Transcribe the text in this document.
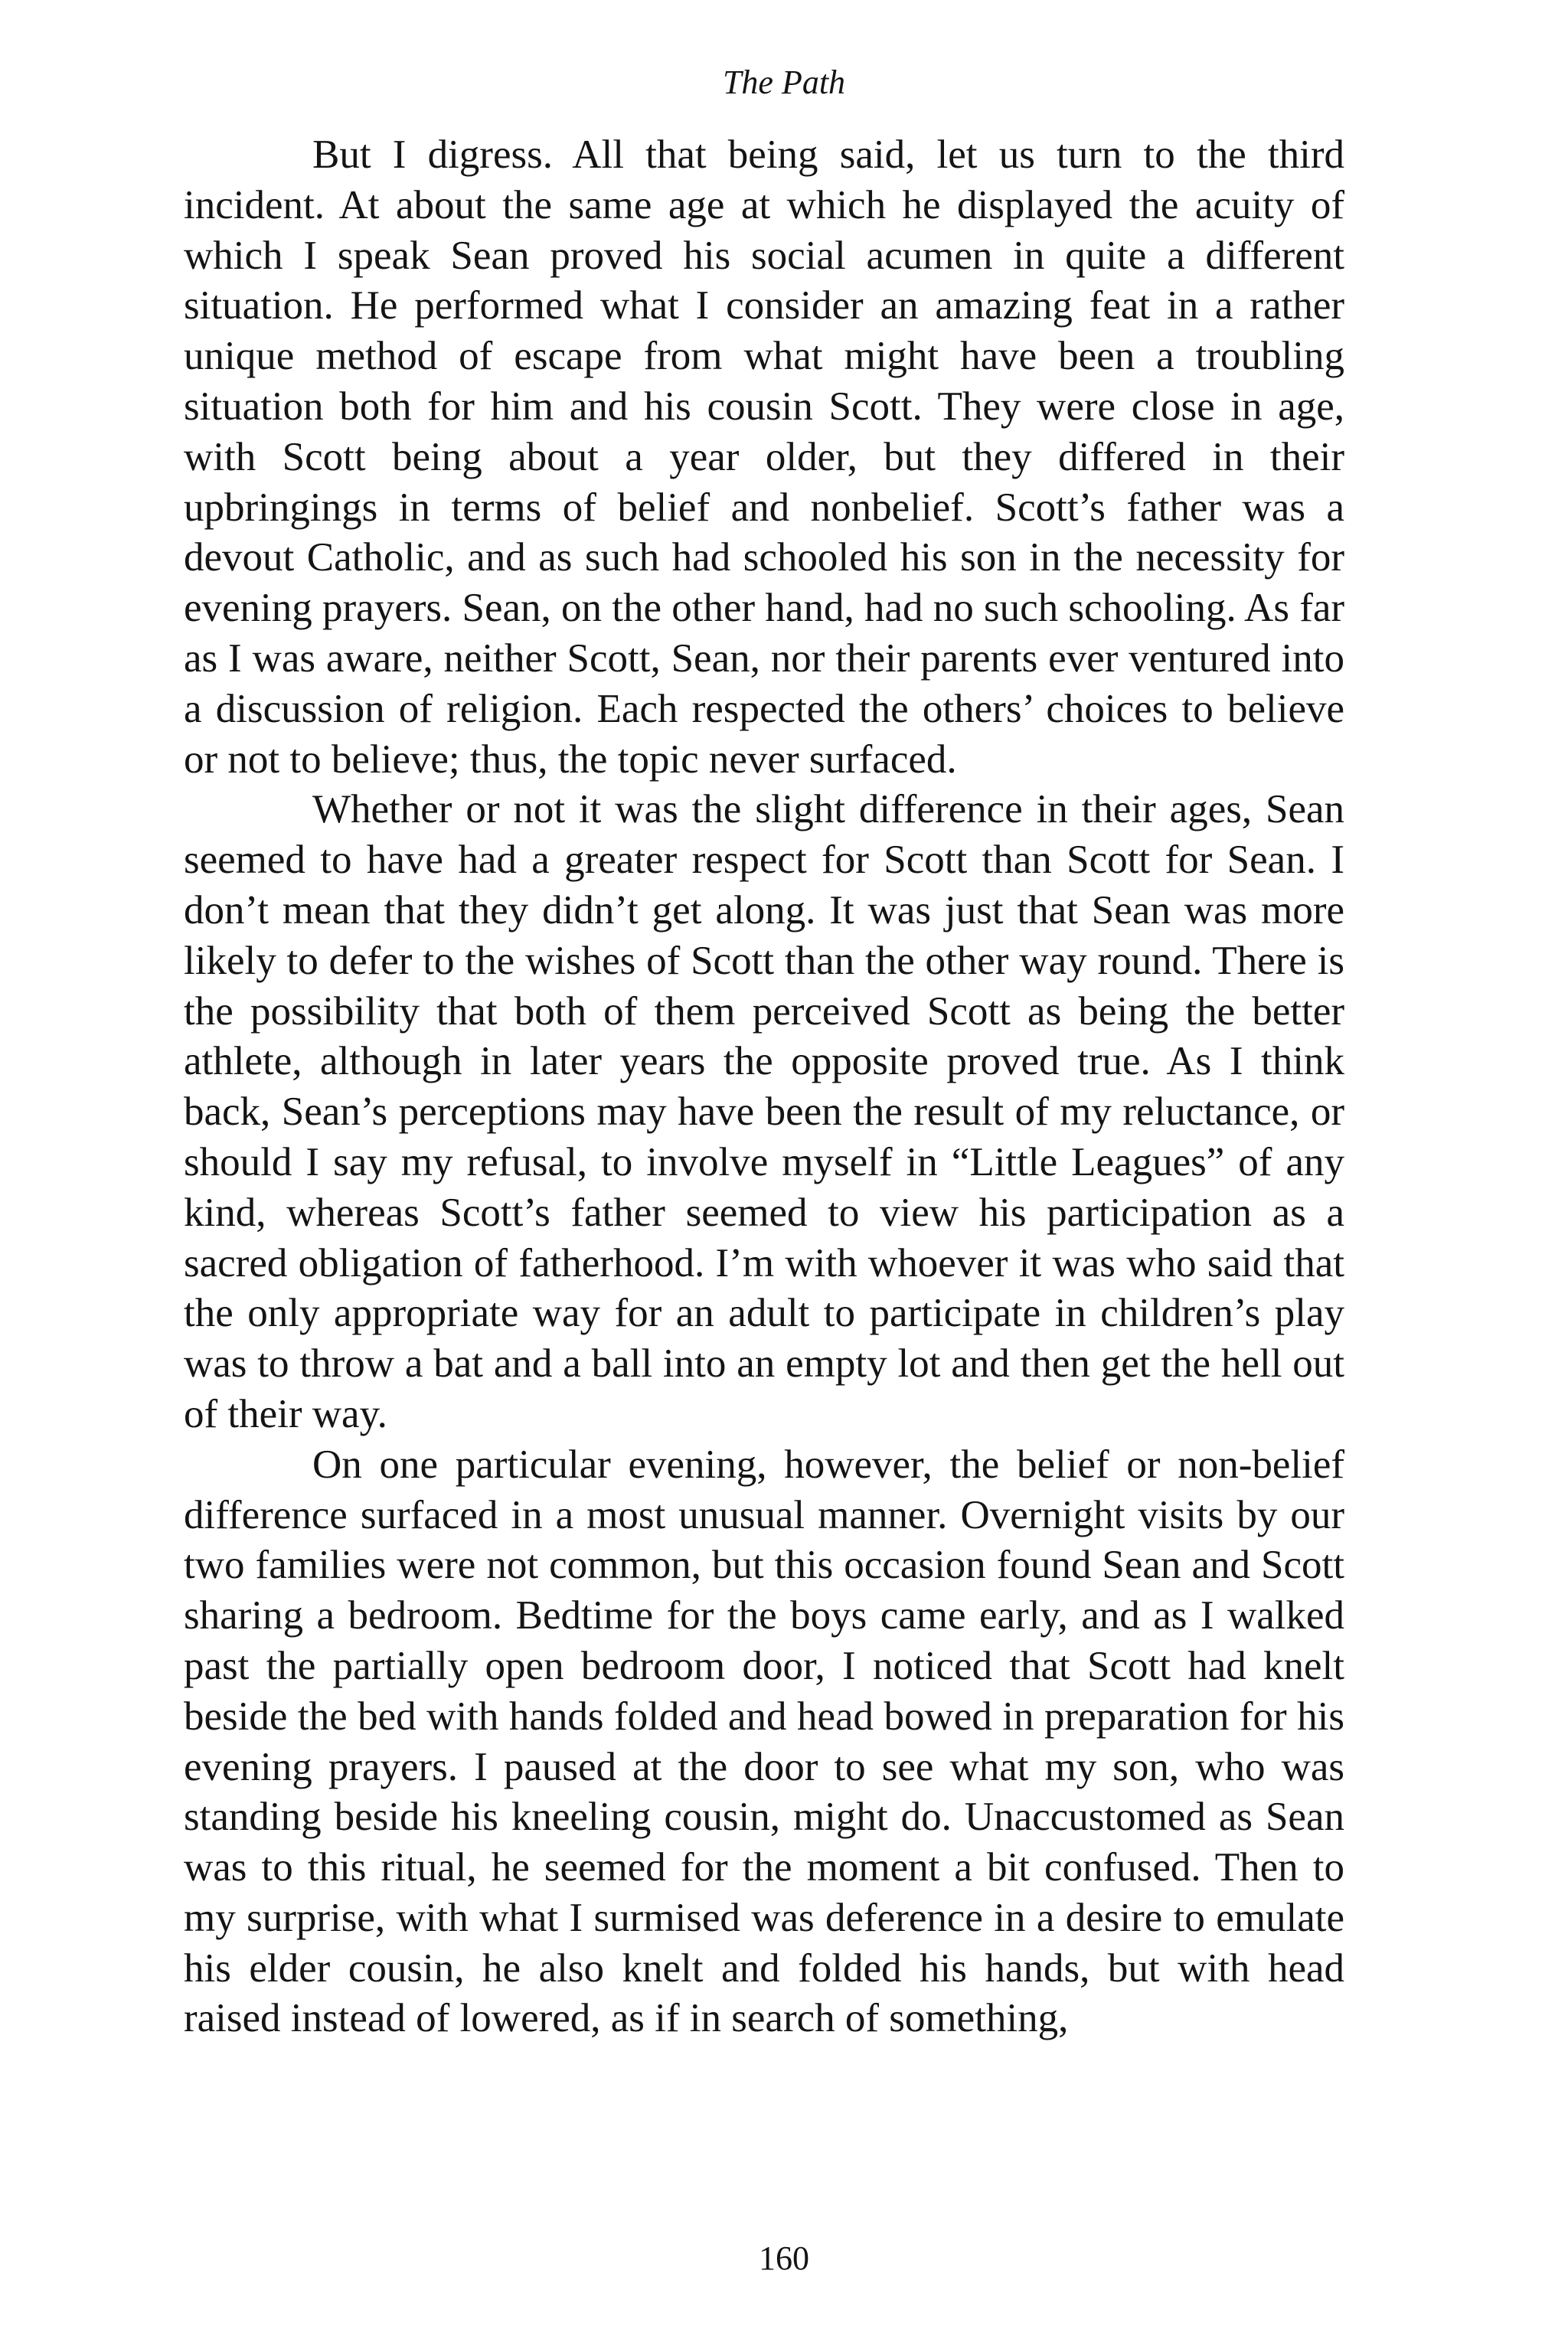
The Path

But I digress. All that being said, let us turn to the third incident. At about the same age at which he displayed the acuity of which I speak Sean proved his social acumen in quite a different situation. He performed what I consider an amazing feat in a rather unique method of escape from what might have been a troubling situation both for him and his cousin Scott. They were close in age, with Scott being about a year older, but they differed in their upbringings in terms of belief and nonbelief. Scott’s father was a devout Catholic, and as such had schooled his son in the necessity for evening prayers. Sean, on the other hand, had no such schooling. As far as I was aware, neither Scott, Sean, nor their parents ever ventured into a discussion of religion. Each respected the others’ choices to believe or not to believe; thus, the topic never surfaced.

Whether or not it was the slight difference in their ages, Sean seemed to have had a greater respect for Scott than Scott for Sean. I don’t mean that they didn’t get along. It was just that Sean was more likely to defer to the wishes of Scott than the other way round. There is the possibility that both of them perceived Scott as being the better athlete, although in later years the opposite proved true. As I think back, Sean’s perceptions may have been the result of my reluctance, or should I say my refusal, to involve myself in “Little Leagues” of any kind, whereas Scott’s father seemed to view his participation as a sacred obligation of fatherhood. I’m with whoever it was who said that the only appropriate way for an adult to participate in children’s play was to throw a bat and a ball into an empty lot and then get the hell out of their way.

On one particular evening, however, the belief or non-belief difference surfaced in a most unusual manner. Overnight visits by our two families were not common, but this occasion found Sean and Scott sharing a bedroom. Bedtime for the boys came early, and as I walked past the partially open bedroom door, I noticed that Scott had knelt beside the bed with hands folded and head bowed in preparation for his evening prayers. I paused at the door to see what my son, who was standing beside his kneeling cousin, might do. Unaccustomed as Sean was to this ritual, he seemed for the moment a bit confused. Then to my surprise, with what I surmised was deference in a desire to emulate his elder cousin, he also knelt and folded his hands, but with head raised instead of lowered, as if in search of something,

160
